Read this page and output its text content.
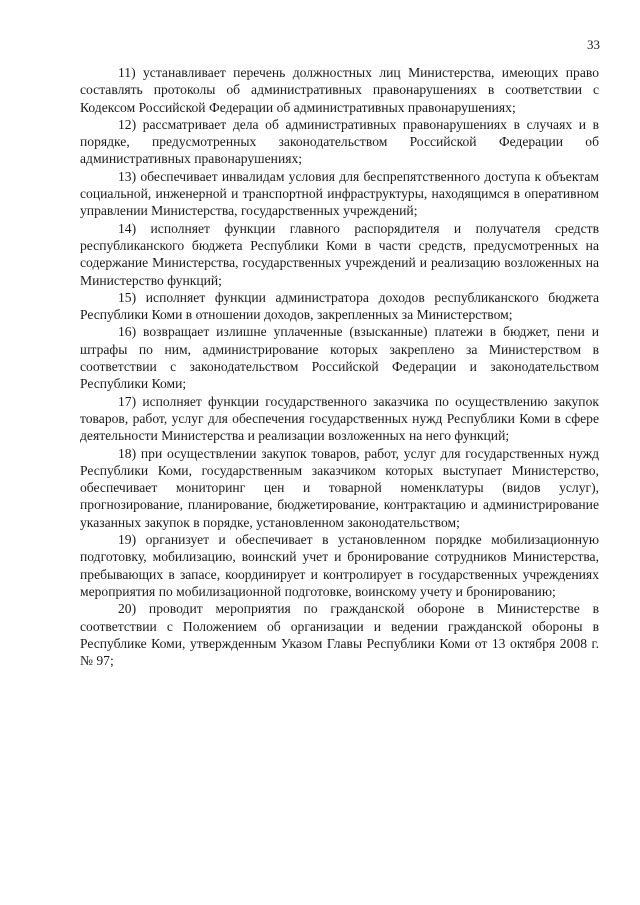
33

11) устанавливает перечень должностных лиц Министерства, имеющих право составлять протоколы об административных правонарушениях в соответствии с Кодексом Российской Федерации об административных правонарушениях;

12) рассматривает дела об административных правонарушениях в случаях и в порядке, предусмотренных законодательством Российской Федерации об административных правонарушениях;

13) обеспечивает инвалидам условия для беспрепятственного доступа к объектам социальной, инженерной и транспортной инфраструктуры, находящимся в оперативном управлении Министерства, государственных учреждений;

14) исполняет функции главного распорядителя и получателя средств республиканского бюджета Республики Коми в части средств, предусмотренных на содержание Министерства, государственных учреждений и реализацию возложенных на Министерство функций;

15) исполняет функции администратора доходов республиканского бюджета Республики Коми в отношении доходов, закрепленных за Министерством;

16) возвращает излишне уплаченные (взысканные) платежи в бюджет, пени и штрафы по ним, администрирование которых закреплено за Министерством в соответствии с законодательством Российской Федерации и законодательством Республики Коми;

17) исполняет функции государственного заказчика по осуществлению закупок товаров, работ, услуг для обеспечения государственных нужд Республики Коми в сфере деятельности Министерства и реализации возложенных на него функций;

18) при осуществлении закупок товаров, работ, услуг для государственных нужд Республики Коми, государственным заказчиком которых выступает Министерство, обеспечивает мониторинг цен и товарной номенклатуры (видов услуг), прогнозирование, планирование, бюджетирование, контрактацию и администрирование указанных закупок в порядке, установленном законодательством;

19) организует и обеспечивает в установленном порядке мобилизационную подготовку, мобилизацию, воинский учет и бронирование сотрудников Министерства, пребывающих в запасе, координирует и контролирует в государственных учреждениях мероприятия по мобилизационной подготовке, воинскому учету и бронированию;

20) проводит мероприятия по гражданской обороне в Министерстве в соответствии с Положением об организации и ведении гражданской обороны в Республике Коми, утвержденным Указом Главы Республики Коми от 13 октября 2008 г. № 97;
